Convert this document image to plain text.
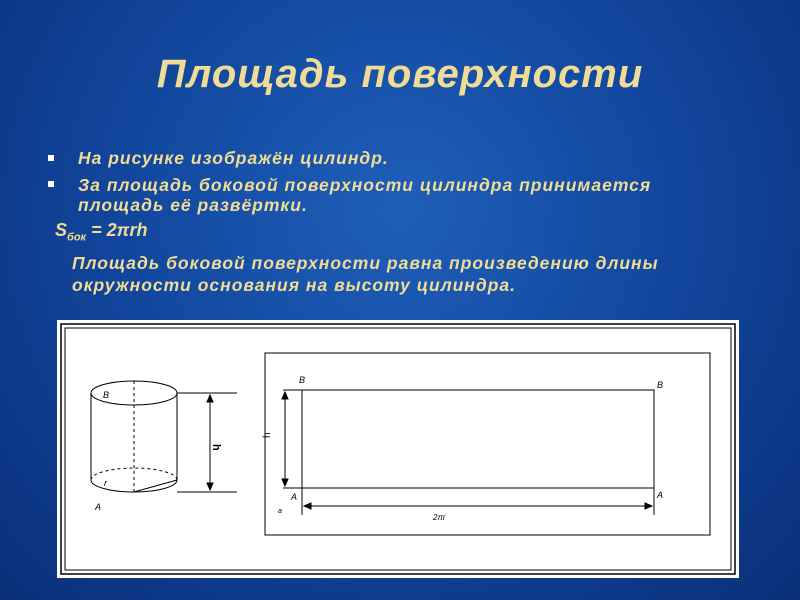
Площадь поверхности
На рисунке изображён цилиндр.
За площадь боковой поверхности цилиндра принимается площадь её развёртки.
$S_{бок} = 2\pi rh$
Площадь боковой поверхности равна произведению длины окружности основания на высоту цилиндра.
B
A
r
h
B	B
A	A
h
2πr
a
